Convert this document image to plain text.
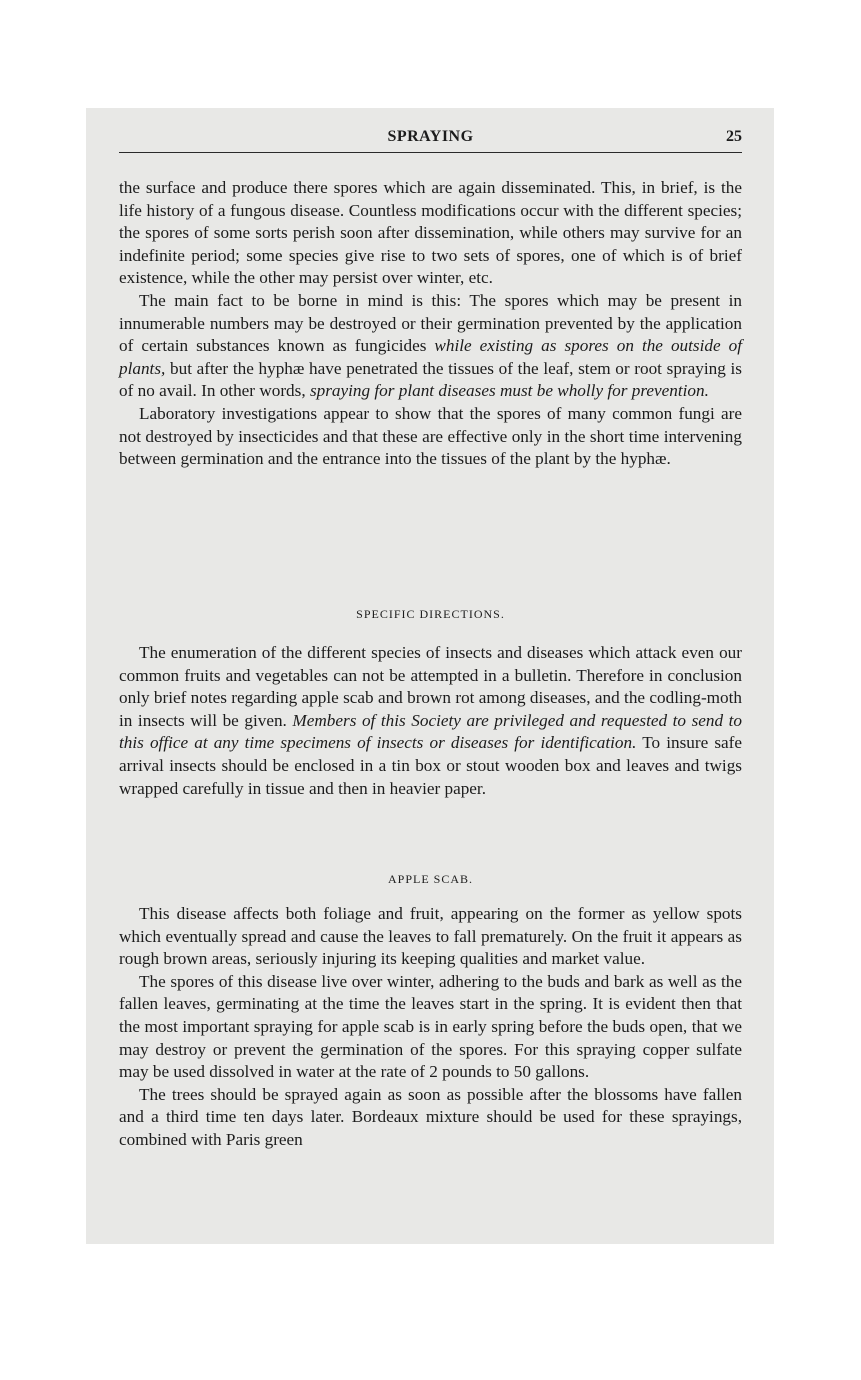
SPRAYING	25

the surface and produce there spores which are again disseminated. This, in brief, is the life history of a fungous disease. Countless modifications occur with the different species; the spores of some sorts perish soon after dissemination, while others may survive for an indefinite period; some species give rise to two sets of spores, one of which is of brief existence, while the other may persist over winter, etc.

The main fact to be borne in mind is this: The spores which may be present in innumerable numbers may be destroyed or their germination prevented by the application of certain substances known as fungicides while existing as spores on the outside of plants, but after the hyphæ have penetrated the tissues of the leaf, stem or root spraying is of no avail. In other words, spraying for plant diseases must be wholly for prevention.

Laboratory investigations appear to show that the spores of many common fungi are not destroyed by insecticides and that these are effective only in the short time intervening between germination and the entrance into the tissues of the plant by the hyphæ.

SPECIFIC DIRECTIONS.

The enumeration of the different species of insects and diseases which attack even our common fruits and vegetables can not be attempted in a bulletin. Therefore in conclusion only brief notes regarding apple scab and brown rot among diseases, and the codling-moth in insects will be given. Members of this Society are privileged and requested to send to this office at any time specimens of insects or diseases for identification. To insure safe arrival insects should be enclosed in a tin box or stout wooden box and leaves and twigs wrapped carefully in tissue and then in heavier paper.

APPLE SCAB.

This disease affects both foliage and fruit, appearing on the former as yellow spots which eventually spread and cause the leaves to fall prematurely. On the fruit it appears as rough brown areas, seriously injuring its keeping qualities and market value.

The spores of this disease live over winter, adhering to the buds and bark as well as the fallen leaves, germinating at the time the leaves start in the spring. It is evident then that the most important spraying for apple scab is in early spring before the buds open, that we may destroy or prevent the germination of the spores. For this spraying copper sulfate may be used dissolved in water at the rate of 2 pounds to 50 gallons.

The trees should be sprayed again as soon as possible after the blossoms have fallen and a third time ten days later. Bordeaux mixture should be used for these sprayings, combined with Paris green
